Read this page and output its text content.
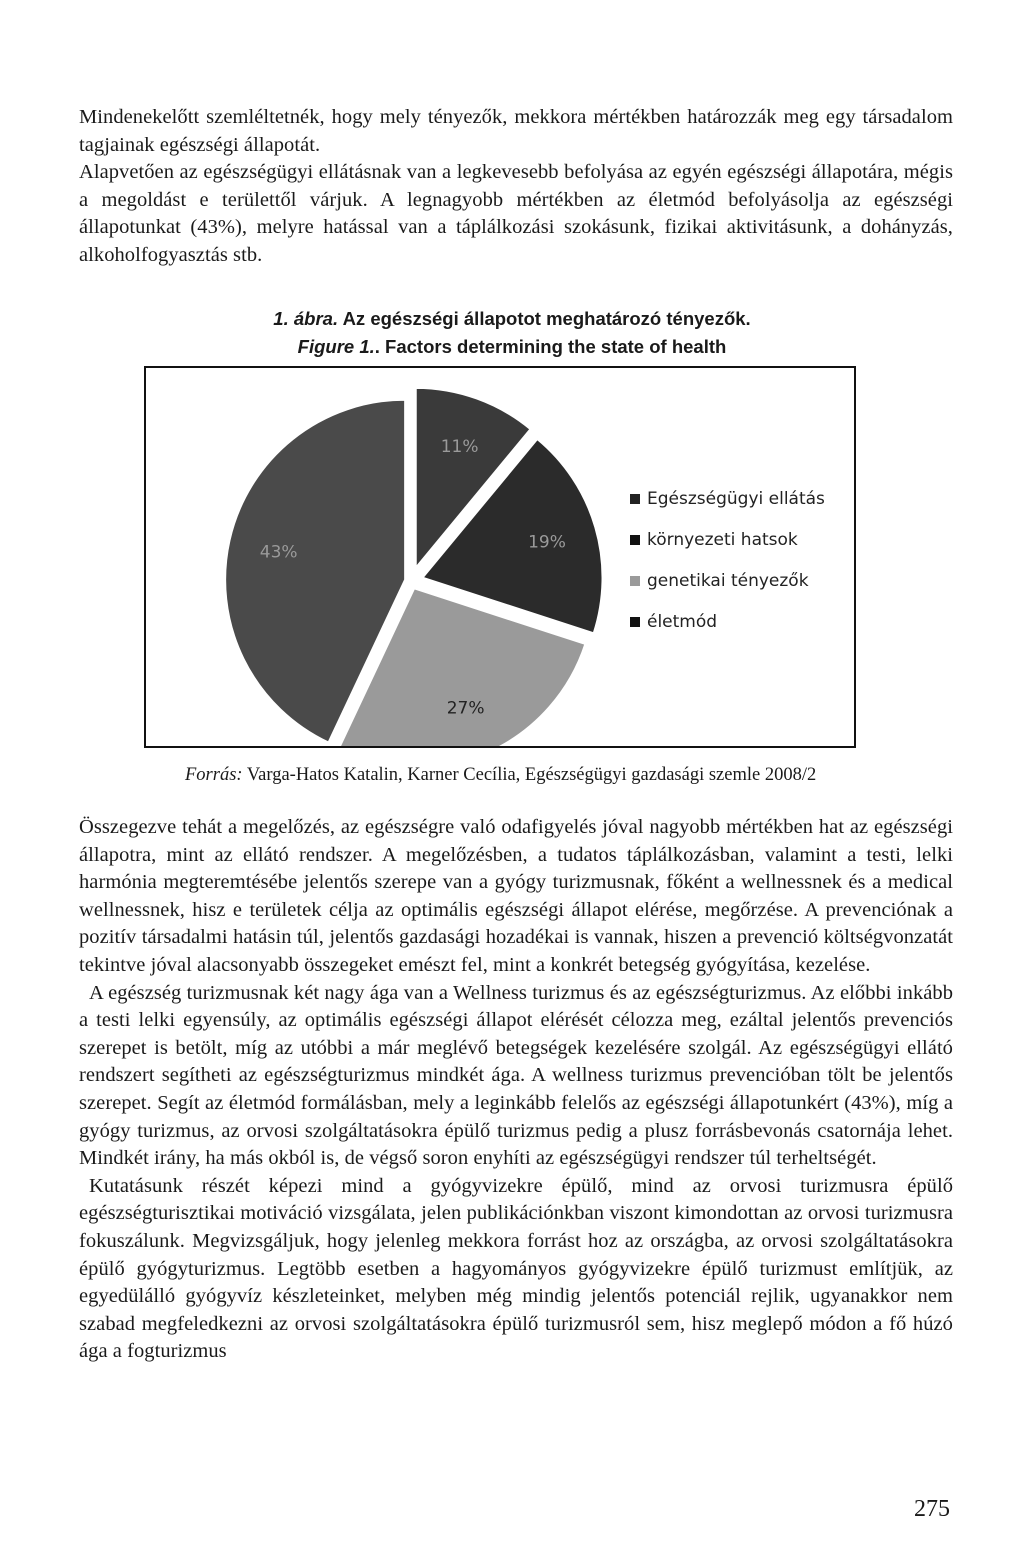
Mindenekelőtt szemléltetnék, hogy mely tényezők, mekkora mértékben határozzák meg egy társadalom tagjainak egészségi állapotát.

Alapvetően az egészségügyi ellátásnak van a legkevesebb befolyása az egyén egészségi állapotára, mégis a megoldást e területtől várjuk. A legnagyobb mértékben az életmód befolyásolja az egészségi állapotunkat (43%), melyre hatással van a táplálkozási szokásunk, fizikai aktivitásunk, a dohányzás, alkoholfogyasztás stb.

1. ábra. Az egészségi állapotot meghatározó tényezők.
Figure 1.. Factors determining the state of health
11%
19%
27%
43%
Egészségügyi ellátás
környezeti hatsok
genetikai tényezők
életmód
Forrás: Varga-Hatos Katalin, Karner Cecília, Egészségügyi gazdasági szemle 2008/2

Összegezve tehát a megelőzés, az egészségre való odafigyelés jóval nagyobb mértékben hat az egészségi állapotra, mint az ellátó rendszer. A megelőzésben, a tudatos táplálkozásban, valamint a testi, lelki harmónia megteremtésébe jelentős szerepe van a gyógy turizmusnak, főként a wellnessnek és a medical wellnessnek, hisz e területek célja az optimális egészségi állapot elérése, megőrzése. A prevenciónak a pozitív társadalmi hatásin túl, jelentős gazdasági hozadékai is vannak, hiszen a prevenció költségvonzatát tekintve jóval alacsonyabb összegeket emészt fel, mint a konkrét betegség gyógyítása, kezelése.

A egészség turizmusnak két nagy ága van a Wellness turizmus és az egészségturizmus. Az előbbi inkább a testi lelki egyensúly, az optimális egészségi állapot elérését célozza meg, ezáltal jelentős prevenciós szerepet is betölt, míg az utóbbi a már meglévő betegségek kezelésére szolgál. Az egészségügyi ellátó rendszert segítheti az egészségturizmus mindkét ága. A wellness turizmus prevencióban tölt be jelentős szerepet. Segít az életmód formálásban, mely a leginkább felelős az egészségi állapotunkért (43%), míg a gyógy turizmus, az orvosi szolgáltatásokra épülő turizmus pedig a plusz forrásbevonás csatornája lehet. Mindkét irány, ha más okból is, de végső soron enyhíti az egészségügyi rendszer túl terheltségét.

Kutatásunk részét képezi mind a gyógyvizekre épülő, mind az orvosi turizmusra épülő egészségturisztikai motiváció vizsgálata, jelen publikációnkban viszont kimondottan az orvosi turizmusra fokuszálunk. Megvizsgáljuk, hogy jelenleg mekkora forrást hoz az országba, az orvosi szolgáltatásokra épülő gyógyturizmus. Legtöbb esetben a hagyományos gyógyvizekre épülő turizmust említjük, az egyedülálló gyógyvíz készleteinket, melyben még mindig jelentős potenciál rejlik, ugyanakkor nem szabad megfeledkezni az orvosi szolgáltatásokra épülő turizmusról sem, hisz meglepő módon a fő húzó ága a fogturizmus

275
